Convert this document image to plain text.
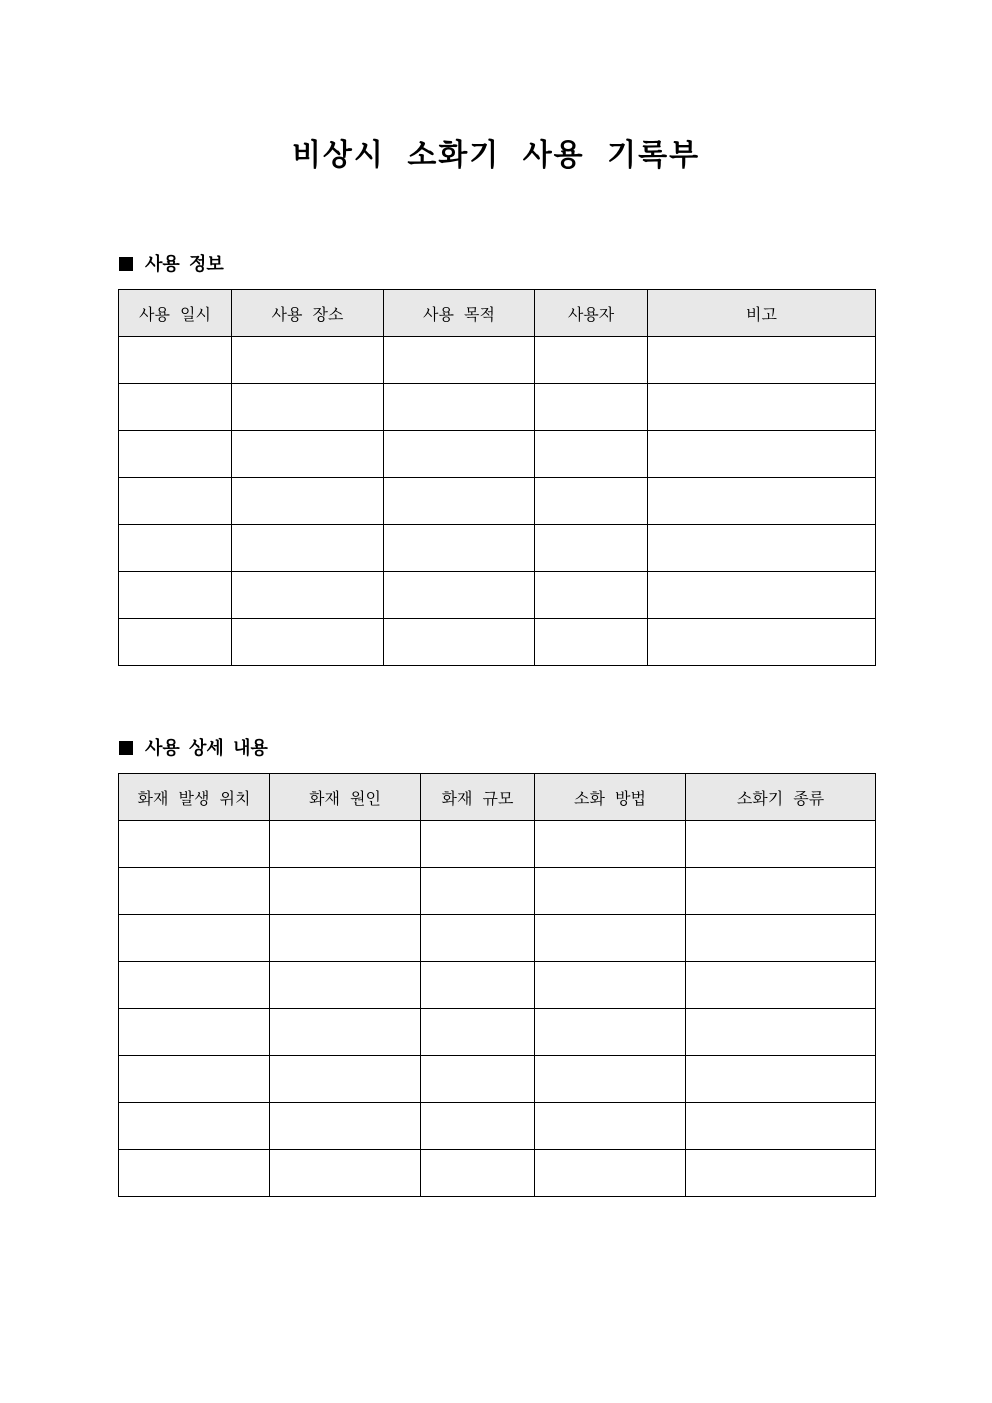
비상시 소화기 사용 기록부
사용 정보
사용 일시	사용 장소	사용 목적	사용자	비고

사용 상세 내용
화재 발생 위치	화재 원인	화재 규모	소화 방법	소화기 종류
